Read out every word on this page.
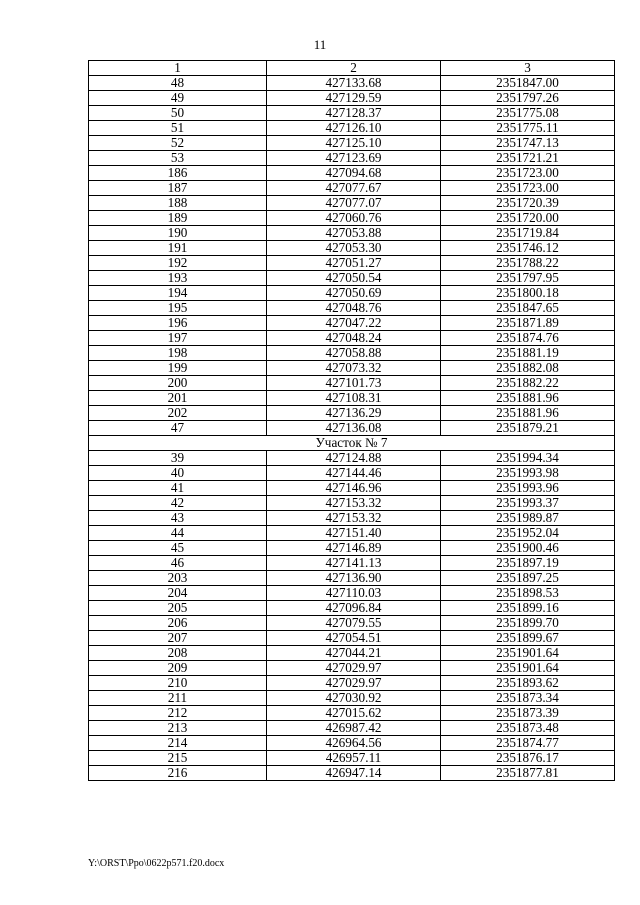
11
1	2	3
48	427133.68	2351847.00
49	427129.59	2351797.26
50	427128.37	2351775.08
51	427126.10	2351775.11
52	427125.10	2351747.13
53	427123.69	2351721.21
186	427094.68	2351723.00
187	427077.67	2351723.00
188	427077.07	2351720.39
189	427060.76	2351720.00
190	427053.88	2351719.84
191	427053.30	2351746.12
192	427051.27	2351788.22
193	427050.54	2351797.95
194	427050.69	2351800.18
195	427048.76	2351847.65
196	427047.22	2351871.89
197	427048.24	2351874.76
198	427058.88	2351881.19
199	427073.32	2351882.08
200	427101.73	2351882.22
201	427108.31	2351881.96
202	427136.29	2351881.96
47	427136.08	2351879.21
Участок № 7		
39	427124.88	2351994.34
40	427144.46	2351993.98
41	427146.96	2351993.96
42	427153.32	2351993.37
43	427153.32	2351989.87
44	427151.40	2351952.04
45	427146.89	2351900.46
46	427141.13	2351897.19
203	427136.90	2351897.25
204	427110.03	2351898.53
205	427096.84	2351899.16
206	427079.55	2351899.70
207	427054.51	2351899.67
208	427044.21	2351901.64
209	427029.97	2351901.64
210	427029.97	2351893.62
211	427030.92	2351873.34
212	427015.62	2351873.39
213	426987.42	2351873.48
214	426964.56	2351874.77
215	426957.11	2351876.17
216	426947.14	2351877.81
Y:\ORST\Ppo\0622p571.f20.docx
